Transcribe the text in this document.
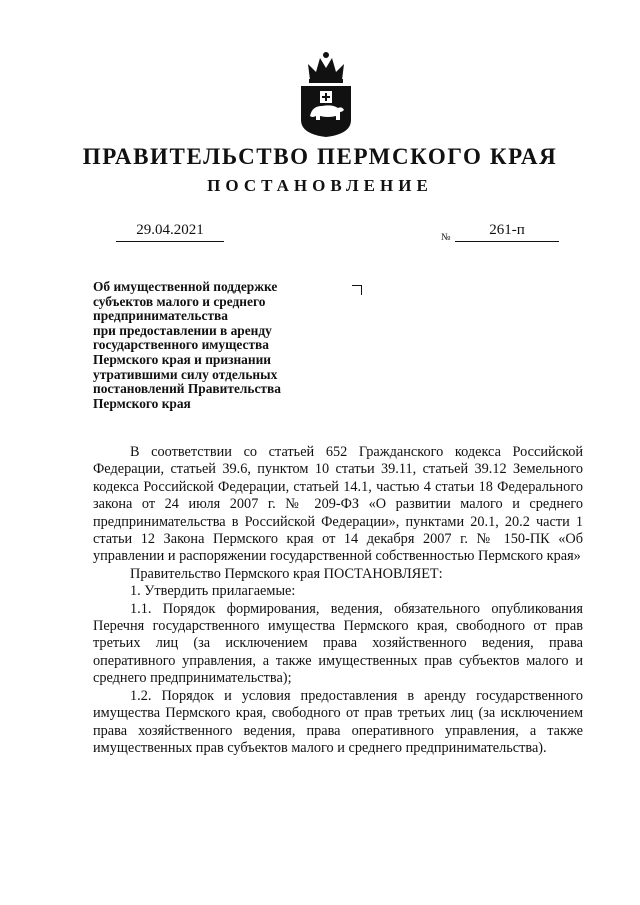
ПРАВИТЕЛЬСТВО ПЕРМСКОГО КРАЯ
ПОСТАНОВЛЕНИЕ
29.04.2021	№	261-п
Об имущественной поддержке
субъектов малого и среднего
предпринимательства
при предоставлении в аренду
государственного имущества
Пермского края и признании
утратившими силу отдельных
постановлений Правительства
Пермского края

В соответствии со статьей 652 Гражданского кодекса Российской Федерации, статьей 39.6, пунктом 10 статьи 39.11, статьей 39.12 Земельного кодекса Российской Федерации, статьей 14.1, частью 4 статьи 18 Федерального закона от 24 июля 2007 г. № 209-ФЗ «О развитии малого и среднего предпринимательства в Российской Федерации», пунктами 20.1, 20.2 части 1 статьи 12 Закона Пермского края от 14 декабря 2007 г. № 150-ПК «Об управлении и распоряжении государственной собственностью Пермского края»

Правительство Пермского края ПОСТАНОВЛЯЕТ:

1. Утвердить прилагаемые:

1.1. Порядок формирования, ведения, обязательного опубликования Перечня государственного имущества Пермского края, свободного от прав третьих лиц (за исключением права хозяйственного ведения, права оперативного управления, а также имущественных прав субъектов малого и среднего предпринимательства);

1.2. Порядок и условия предоставления в аренду государственного имущества Пермского края, свободного от прав третьих лиц (за исключением права хозяйственного ведения, права оперативного управления, а также имущественных прав субъектов малого и среднего предпринимательства).
